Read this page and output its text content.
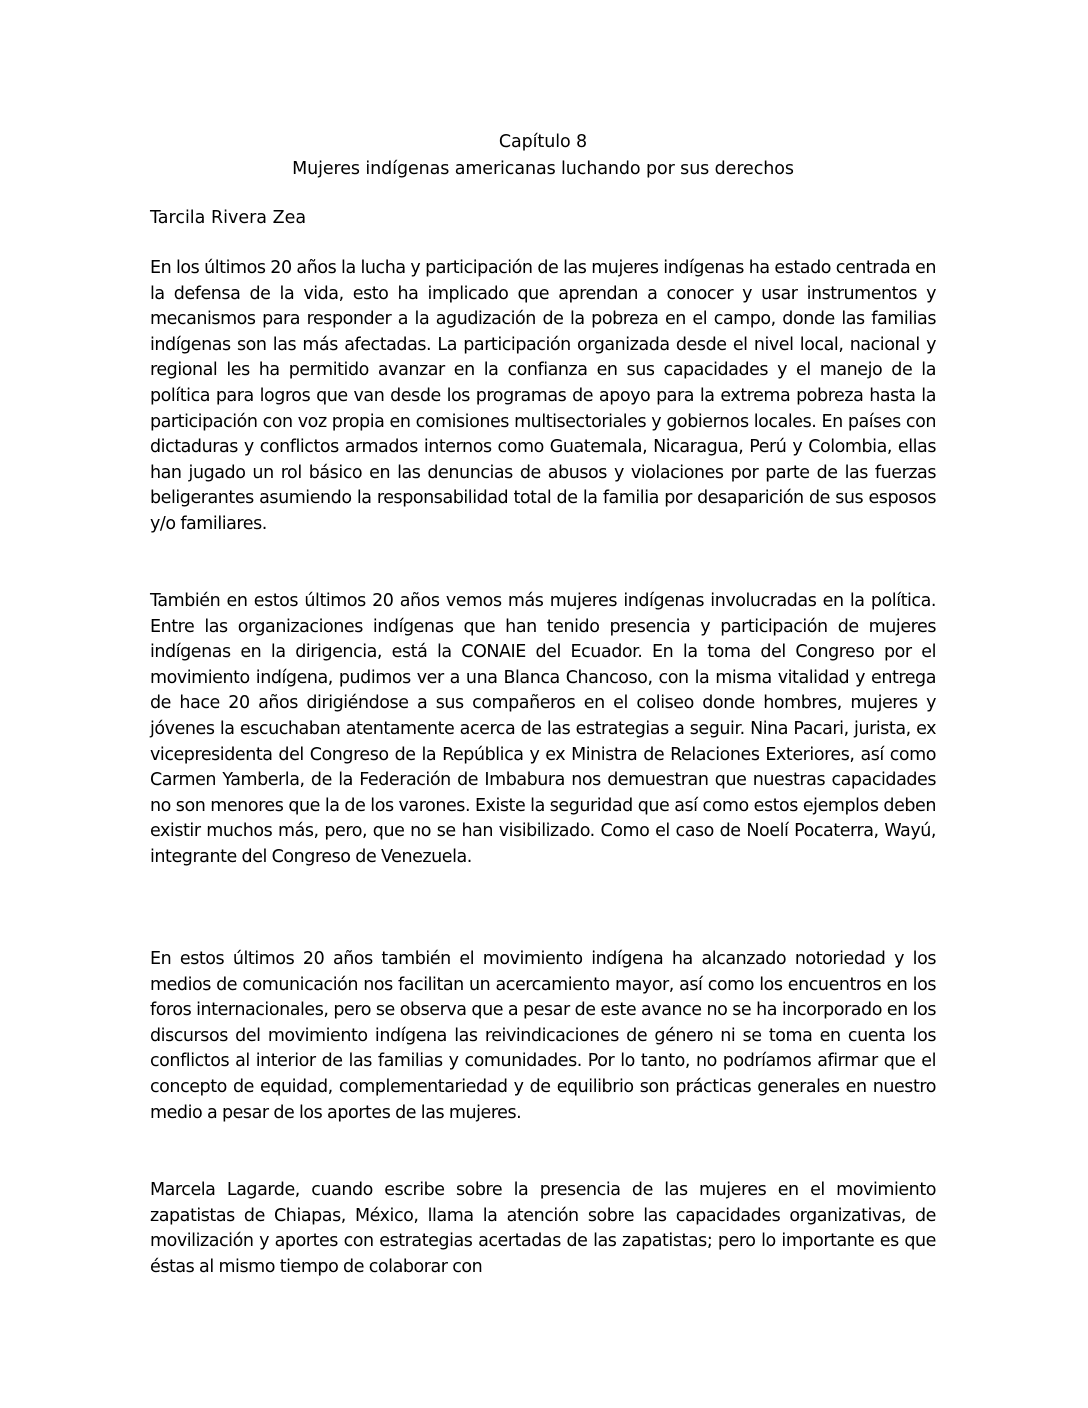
Capítulo 8
Mujeres indígenas americanas luchando por sus derechos
Tarcila Rivera Zea

En los últimos 20 años la lucha y participación de las mujeres indígenas ha estado centrada en la defensa de la vida, esto ha implicado que aprendan a conocer y usar instrumentos y mecanismos para responder a la agudización de la pobreza en el campo, donde las familias indígenas son las más afectadas. La participación organizada desde el nivel local, nacional y regional les ha permitido avanzar en la confianza en sus capacidades y el manejo de la política para logros que van desde los programas de apoyo para la extrema pobreza hasta la participación con voz propia en comisiones multisectoriales y gobiernos locales. En países con dictaduras y conflictos armados internos como Guatemala, Nicaragua, Perú y Colombia, ellas han jugado un rol básico en las denuncias de abusos y violaciones por parte de las fuerzas beligerantes asumiendo la responsabilidad total de la familia por desaparición de sus esposos y/o familiares.

También en estos últimos 20 años vemos más mujeres indígenas involucradas en la política. Entre las organizaciones indígenas que han tenido presencia y participación de mujeres indígenas en la dirigencia, está la CONAIE del Ecuador. En la toma del Congreso por el movimiento indígena, pudimos ver a una Blanca Chancoso, con la misma vitalidad y entrega de hace 20 años dirigiéndose a sus compañeros en el coliseo donde hombres, mujeres y jóvenes la escuchaban atentamente acerca de las estrategias a seguir. Nina Pacari, jurista, ex vicepresidenta del Congreso de la República y ex Ministra de Relaciones Exteriores, así como Carmen Yamberla, de la Federación de Imbabura nos demuestran que nuestras capacidades no son menores que la de los varones. Existe la seguridad que así como estos ejemplos deben existir muchos más, pero, que no se han visibilizado. Como el caso de Noelí Pocaterra, Wayú, integrante del Congreso de Venezuela.

En estos últimos 20 años también el movimiento indígena ha alcanzado notoriedad y los medios de comunicación nos facilitan un acercamiento mayor, así como los encuentros en los foros internacionales, pero se observa que a pesar de este avance no se ha incorporado en los discursos del movimiento indígena las reivindicaciones de género ni se toma en cuenta los conflictos al interior de las familias y comunidades. Por lo tanto, no podríamos afirmar que el concepto de equidad, complementariedad y de equilibrio son prácticas generales en nuestro medio a pesar de los aportes de las mujeres.

Marcela Lagarde, cuando escribe sobre la presencia de las mujeres en el movimiento zapatistas de Chiapas, México, llama la atención sobre las capacidades organizativas, de movilización y aportes con estrategias acertadas de las zapatistas; pero lo importante es que éstas al mismo tiempo de colaborar con
